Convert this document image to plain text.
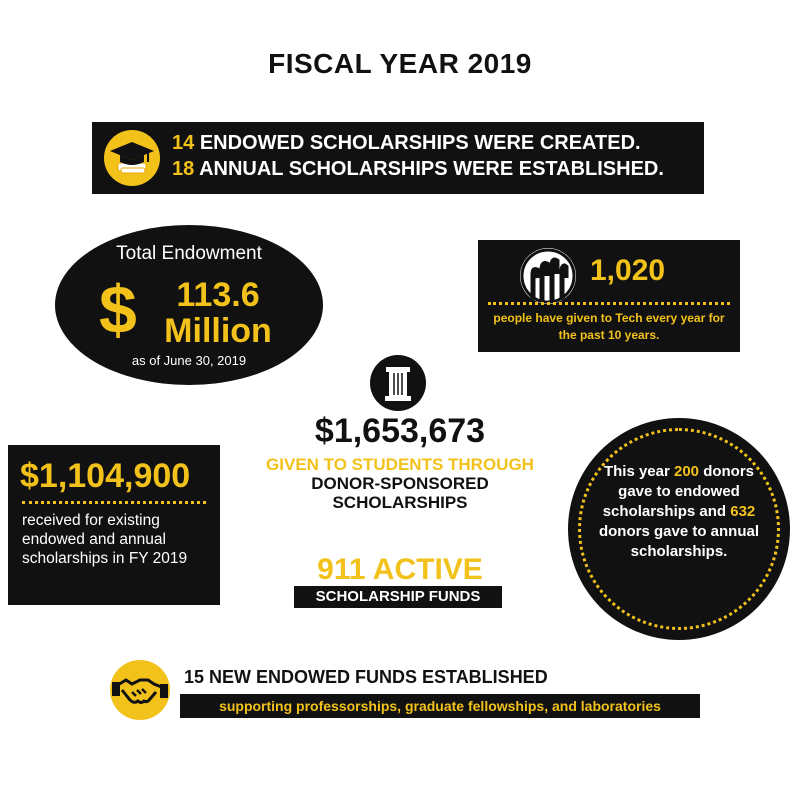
FISCAL YEAR 2019
14 ENDOWED SCHOLARSHIPS WERE CREATED.
18 ANNUAL SCHOLARSHIPS WERE ESTABLISHED.
Total Endowment
$	113.6
Million
as of June 30, 2019
1,020
people have given to Tech every year for the past 10 years.
$1,653,673
GIVEN TO STUDENTS THROUGH
DONOR-SPONSORED
SCHOLARSHIPS
$1,104,900
received for existing endowed and annual scholarships in FY 2019	911 ACTIVE
SCHOLARSHIP FUNDS
This year 200 donors gave to endowed scholarships and 632 donors gave to annual scholarships.
15 NEW ENDOWED FUNDS ESTABLISHED
supporting professorships, graduate fellowships, and laboratories
